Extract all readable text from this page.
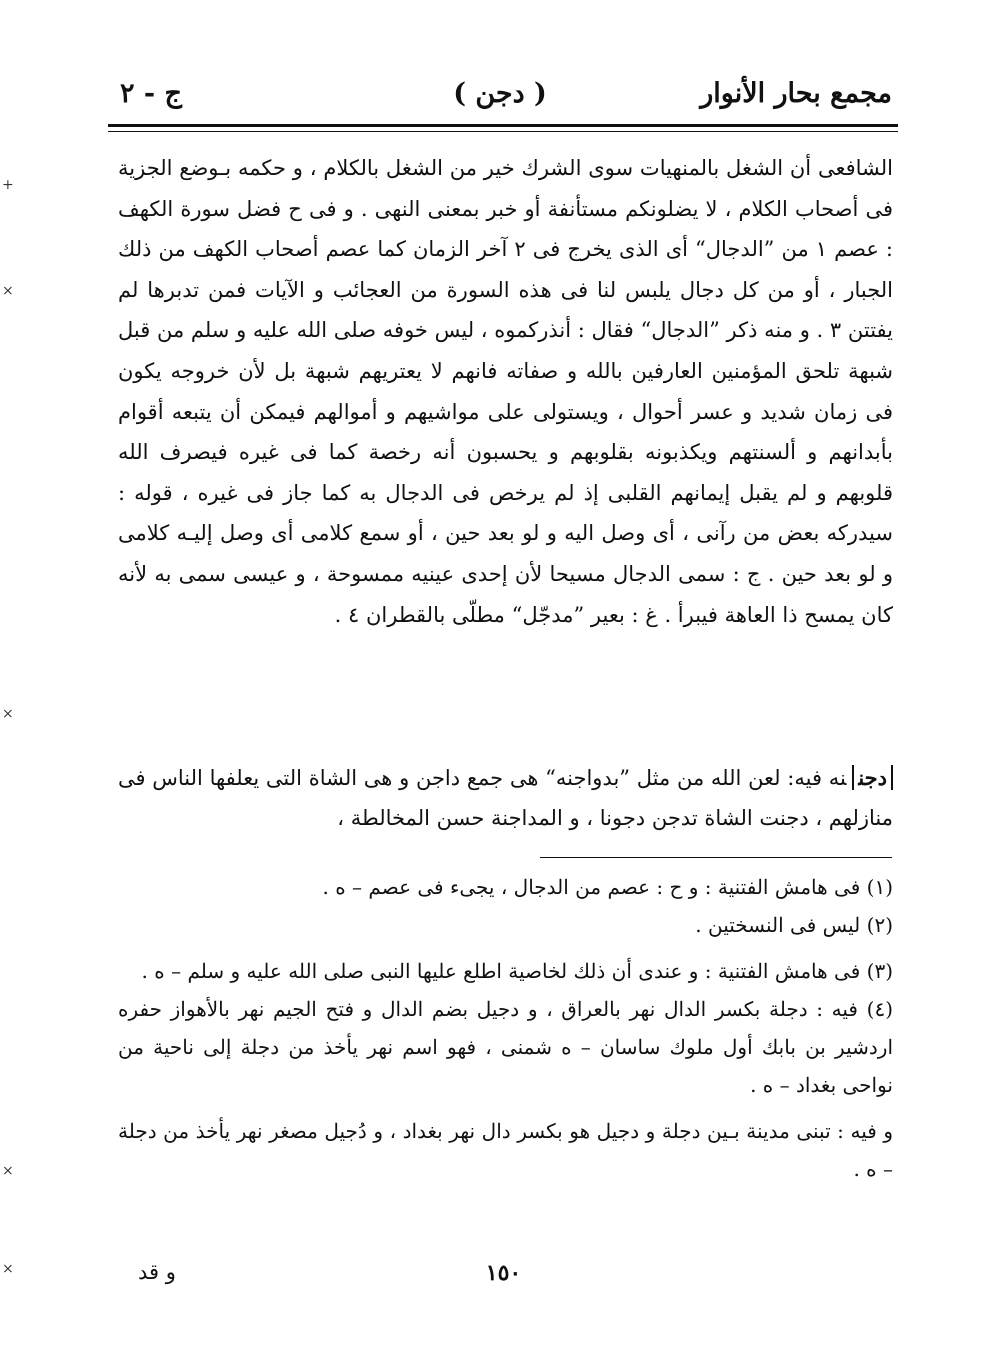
مجمع بحار الأنوار
( دجن )
ج - ٢

الشافعى أن الشغل بالمنهيات سوى الشرك خير من الشغل بالكلام ، و حكمه بـوضع الجزية فى أصحاب الكلام ، لا يضلونكم مستأنفة أو خبر بمعنى النهى . و فى ح فضل سورة الكهف : عصم ١ من ”الدجال“ أى الذى يخرج فى ٢ آخر الزمان كما عصم أصحاب الكهف من ذلك الجبار ، أو من كل دجال يلبس لنا فى هذه السورة من العجائب و الآيات فمن تدبرها لم يفتتن ٣ . و منه ذكر ”الدجال“ فقال : أنذركموه ، ليس خوفه صلى الله عليه و سلم من قبل شبهة تلحق المؤمنين العارفين بالله و صفاته فانهم لا يعتريهم شبهة بل لأن خروجه يكون فى زمان شديد و عسر أحوال ، ويستولى على مواشيهم و أموالهم فيمكن أن يتبعه أقوام بأبدانهم و ألسنتهم ويكذبونه بقلوبهم و يحسبون أنه رخصة كما فى غيره فيصرف الله قلوبهم و لم يقبل إيمانهم القلبى إذ لم يرخص فى الدجال به كما جاز فى غيره ، قوله : سيدركه بعض من رآنى ، أى وصل اليه و لو بعد حين ، أو سمع كلامى أى وصل إليـه كلامى و لو بعد حين . ج : سمى الدجال مسيحا لأن إحدى عينيه ممسوحة ، و عيسى سمى به لأنه كان يمسح ذا العاهة فيبرأ . غ : بعير ”مدجّل“ مطلّى بالقطران ٤ .

دجننه فيه: لعن الله من مثل ”بدواجنه“ هى جمع داجن و هى الشاة التى يعلفها الناس فى منازلهم ، دجنت الشاة تدجن دجونا ، و المداجنة حسن المخالطة ،

(١) فى هامش الفتنية : و ح : عصم من الدجال ، يجىء فى عصم – ه .

(٢) ليس فى النسختين .

(٣) فى هامش الفتنية : و عندى أن ذلك لخاصية اطلع عليها النبى صلى الله عليه و سلم – ه .

(٤) فيه : دجلة بكسر الدال نهر بالعراق ، و دجيل بضم الدال و فتح الجيم نهر بالأهواز حفره اردشير بن بابك أول ملوك ساسان – ه شمنى ، فهو اسم نهر يأخذ من دجلة إلى ناحية من نواحى بغداد – ه .

و فيه : تبنى مدينة بـين دجلة و دجيل هو بكسر دال نهر بغداد ، و دُجيل مصغر نهر يأخذ من دجلة – ه .

١٥٠
و قد
+
×
×
×
×
